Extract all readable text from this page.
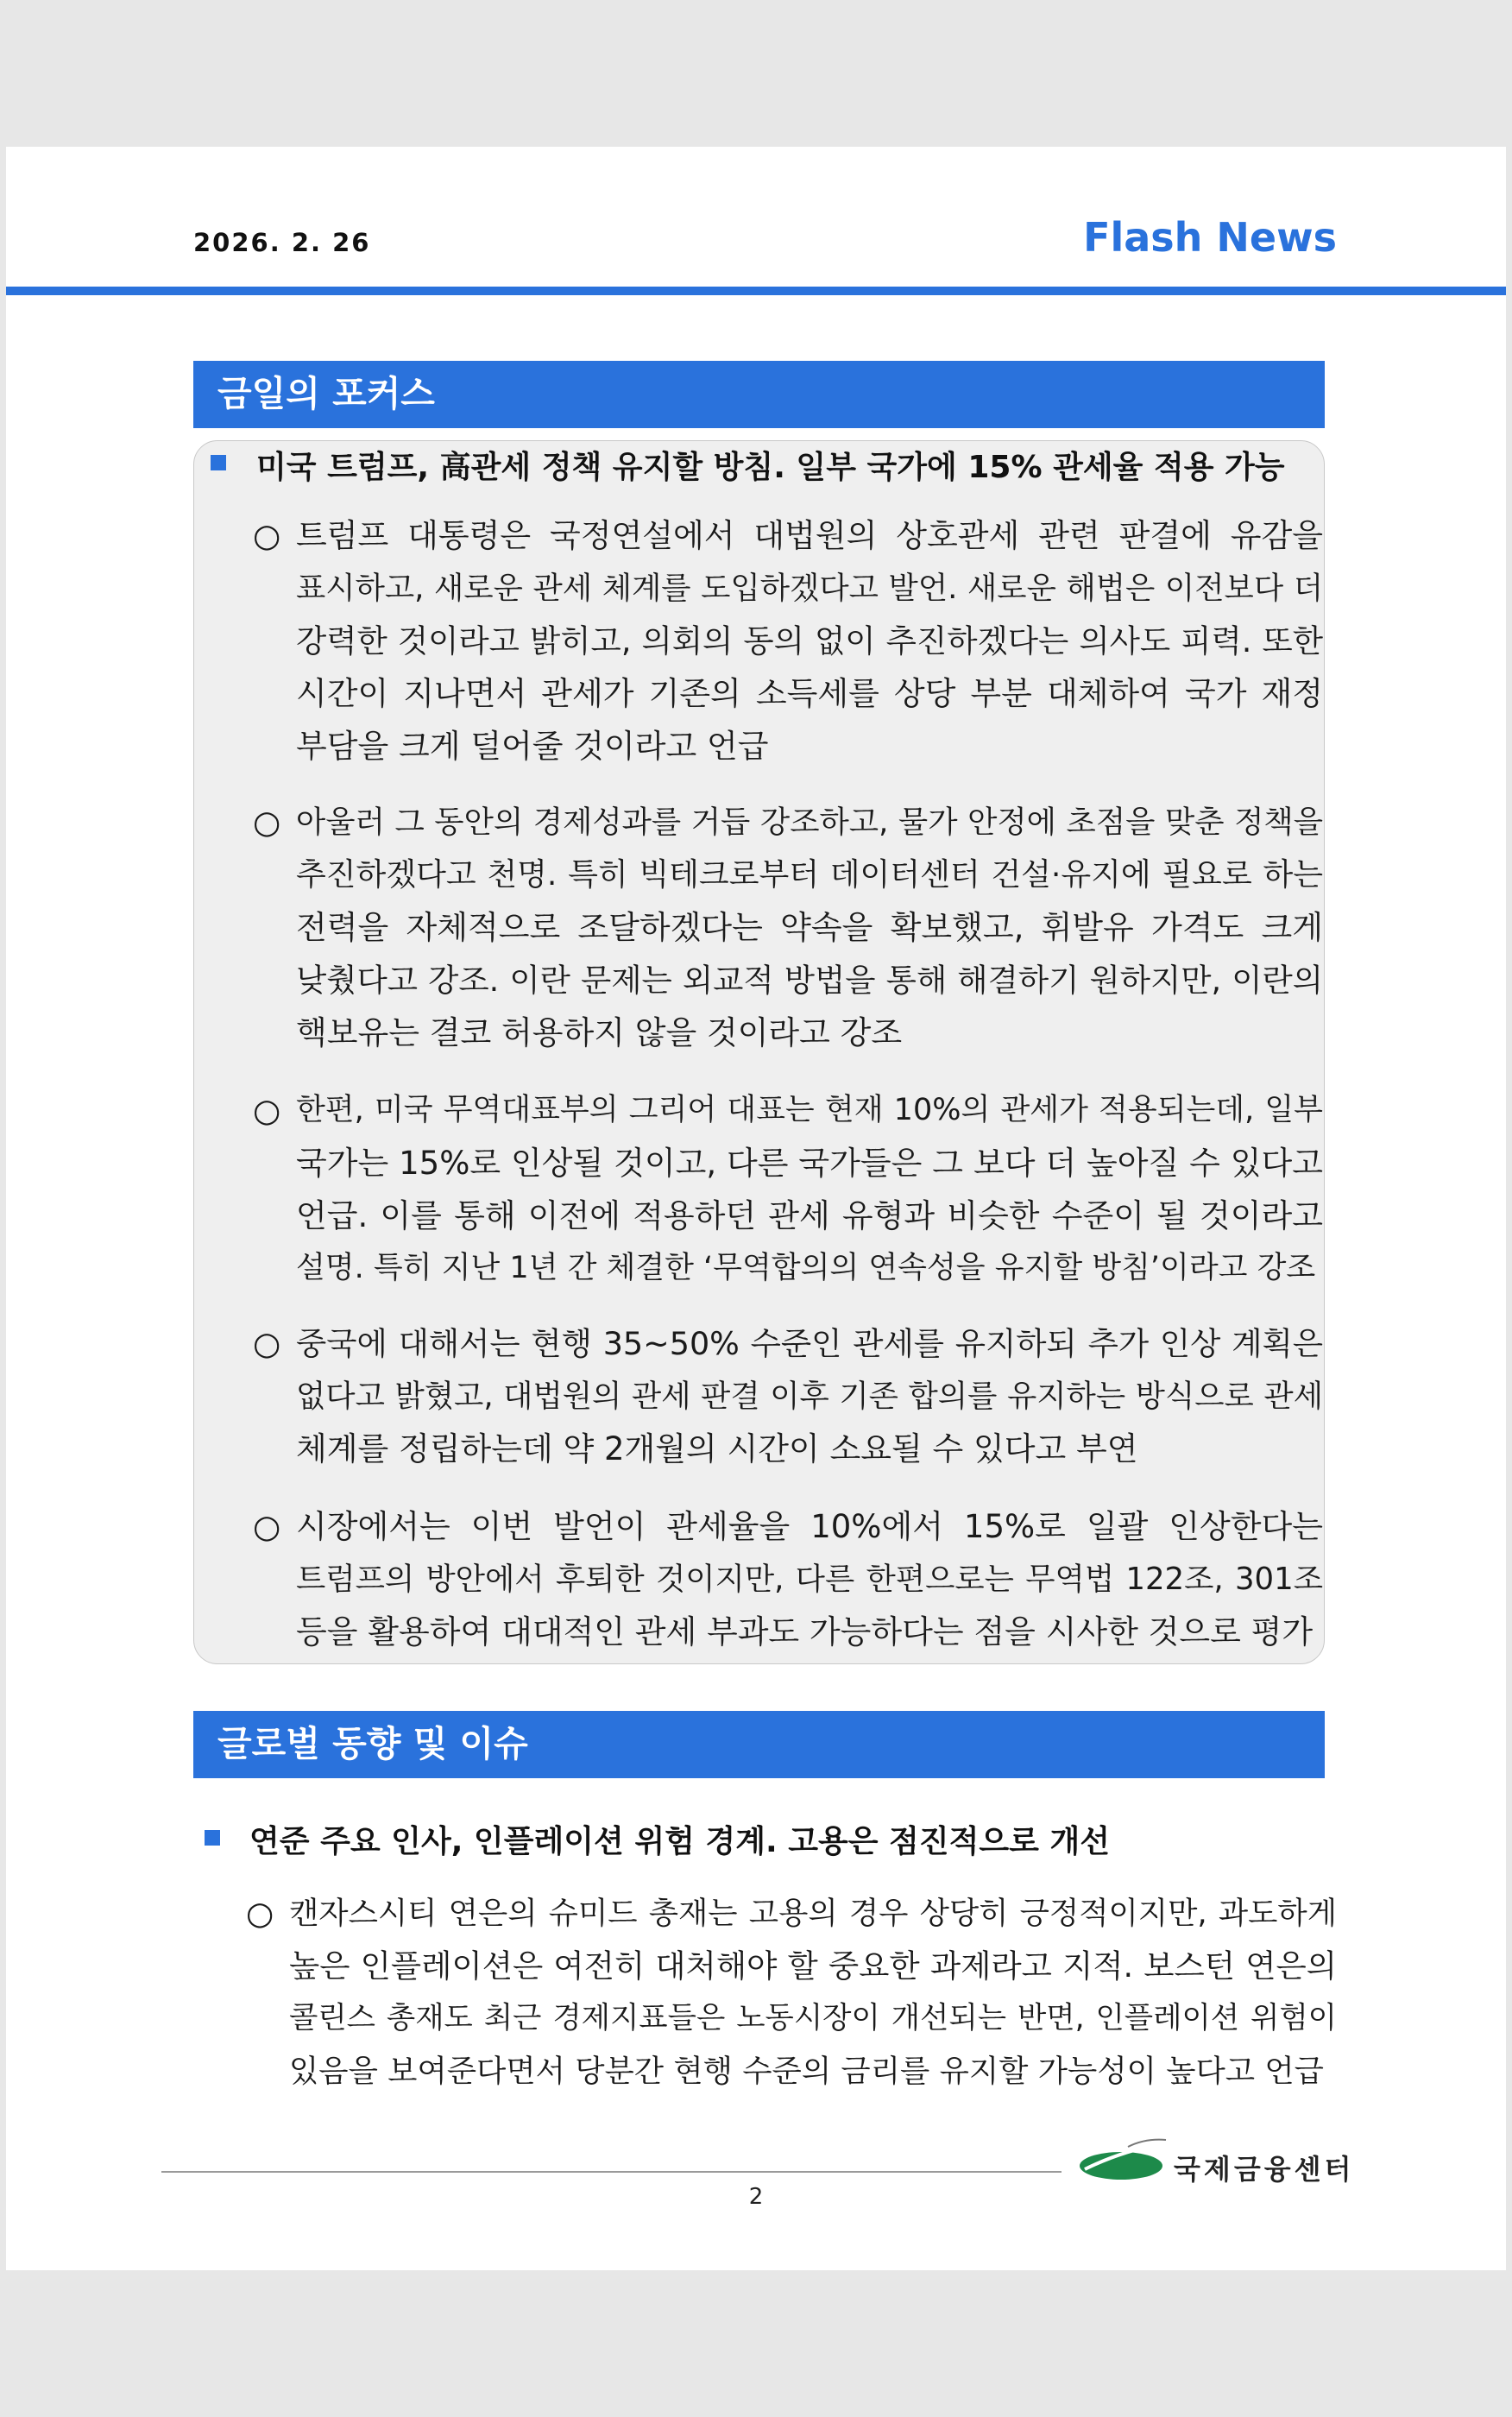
2026. 2. 26	Flash News
금일의 포커스
미국 트럼프, 高관세 정책 유지할 방침. 일부 국가에 15% 관세율 적용 가능
○ 트럼프 대통령은 국정연설에서 대법원의 상호관세 관련 판결에 유감을
표시하고, 새로운 관세 체계를 도입하겠다고 발언. 새로운 해법은 이전보다 더
강력한 것이라고 밝히고, 의회의 동의 없이 추진하겠다는 의사도 피력. 또한
시간이 지나면서 관세가 기존의 소득세를 상당 부분 대체하여 국가 재정
부담을 크게 덜어줄 것이라고 언급
○ 아울러 그 동안의 경제성과를 거듭 강조하고, 물가 안정에 초점을 맞춘 정책을
추진하겠다고 천명. 특히 빅테크로부터 데이터센터 건설·유지에 필요로 하는
전력을 자체적으로 조달하겠다는 약속을 확보했고, 휘발유 가격도 크게
낮췄다고 강조. 이란 문제는 외교적 방법을 통해 해결하기 원하지만, 이란의
핵보유는 결코 허용하지 않을 것이라고 강조
○ 한편, 미국 무역대표부의 그리어 대표는 현재 10%의 관세가 적용되는데, 일부
국가는 15%로 인상될 것이고, 다른 국가들은 그 보다 더 높아질 수 있다고
언급. 이를 통해 이전에 적용하던 관세 유형과 비슷한 수준이 될 것이라고
설명. 특히 지난 1년 간 체결한 ‘무역합의의 연속성을 유지할 방침’이라고 강조
○ 중국에 대해서는 현행 35~50% 수준인 관세를 유지하되 추가 인상 계획은
없다고 밝혔고, 대법원의 관세 판결 이후 기존 합의를 유지하는 방식으로 관세
체계를 정립하는데 약 2개월의 시간이 소요될 수 있다고 부연
○ 시장에서는 이번 발언이 관세율을 10%에서 15%로 일괄 인상한다는
트럼프의 방안에서 후퇴한 것이지만, 다른 한편으로는 무역법 122조, 301조
등을 활용하여 대대적인 관세 부과도 가능하다는 점을 시사한 것으로 평가
글로벌 동향 및 이슈
연준 주요 인사, 인플레이션 위험 경계. 고용은 점진적으로 개선
○ 캔자스시티 연은의 슈미드 총재는 고용의 경우 상당히 긍정적이지만, 과도하게
높은 인플레이션은 여전히 대처해야 할 중요한 과제라고 지적. 보스턴 연은의
콜린스 총재도 최근 경제지표들은 노동시장이 개선되는 반면, 인플레이션 위험이
있음을 보여준다면서 당분간 현행 수준의 금리를 유지할 가능성이 높다고 언급
국제금융센터
2
